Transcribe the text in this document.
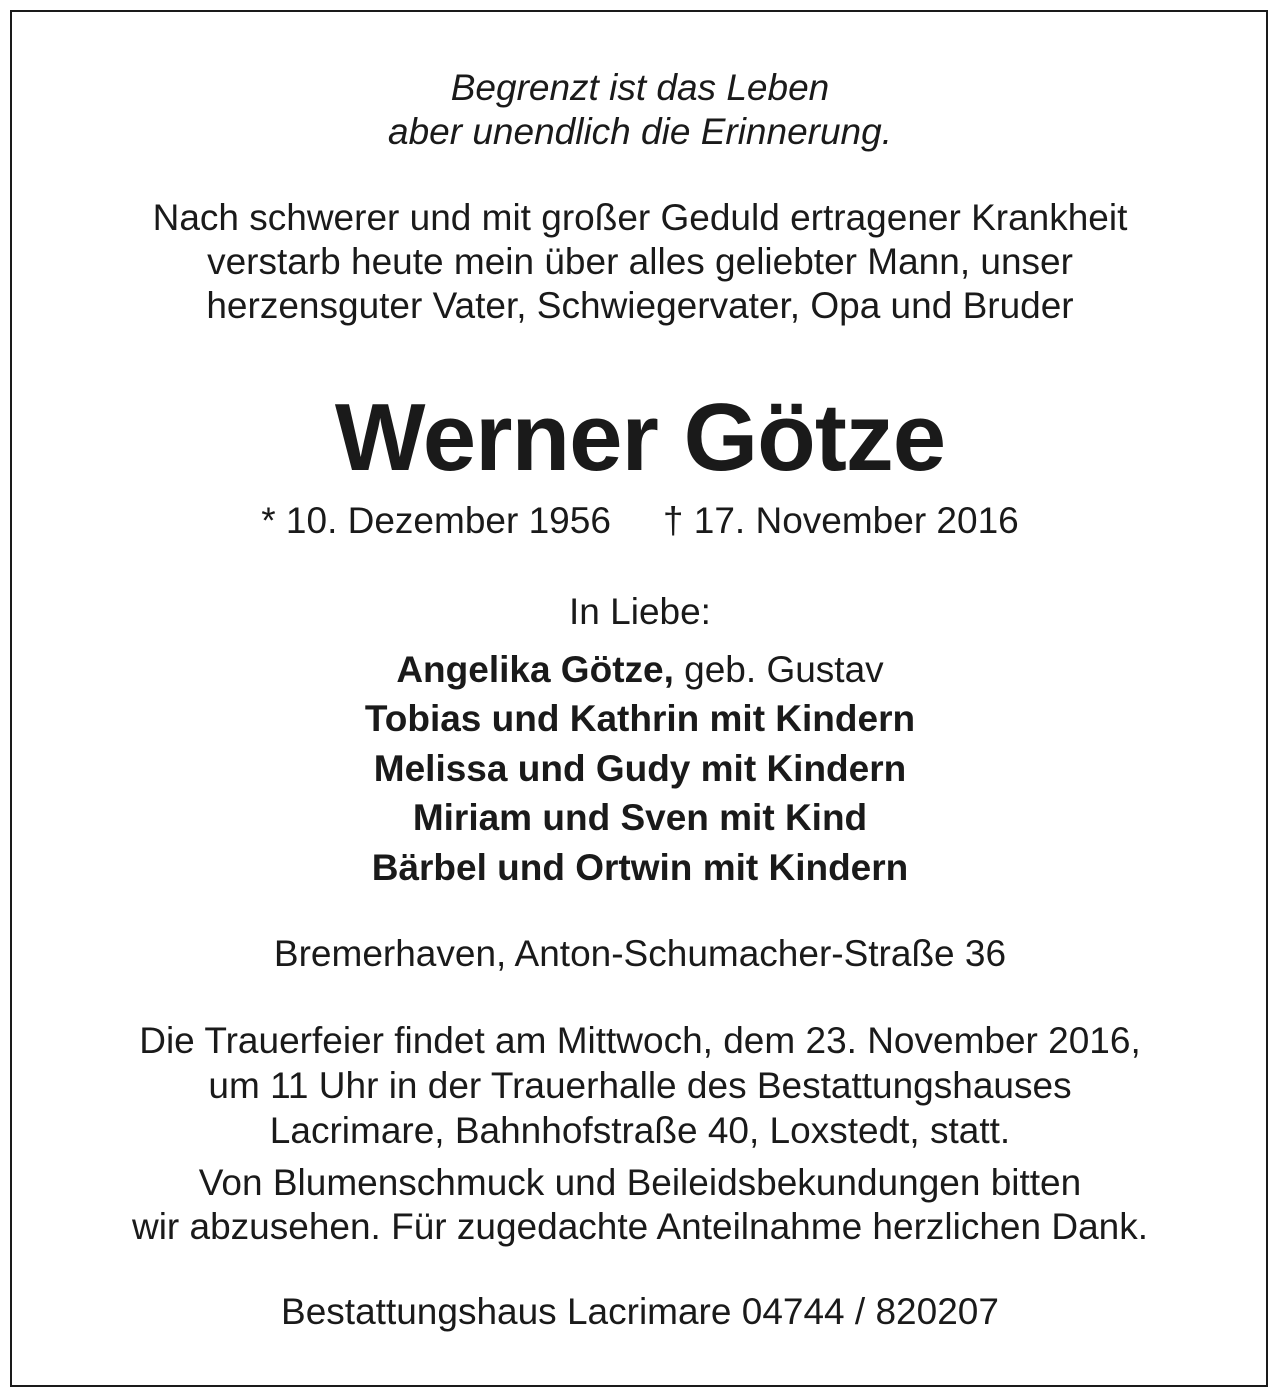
Begrenzt ist das Leben
aber unendlich die Erinnerung.
Nach schwerer und mit großer Geduld ertragener Krankheit
verstarb heute mein über alles geliebter Mann, unser
herzensguter Vater, Schwiegervater, Opa und Bruder
Werner Götze
* 10. Dezember 1956 † 17. November 2016
In Liebe:
Angelika Götze, geb. Gustav
Tobias und Kathrin mit Kindern
Melissa und Gudy mit Kindern
Miriam und Sven mit Kind
Bärbel und Ortwin mit Kindern
Bremerhaven, Anton-Schumacher-Straße 36
Die Trauerfeier findet am Mittwoch, dem 23. November 2016,
um 11 Uhr in der Trauerhalle des Bestattungshauses
Lacrimare, Bahnhofstraße 40, Loxstedt, statt.
Von Blumenschmuck und Beileidsbekundungen bitten
wir abzusehen. Für zugedachte Anteilnahme herzlichen Dank.
Bestattungshaus Lacrimare 04744 / 820207
